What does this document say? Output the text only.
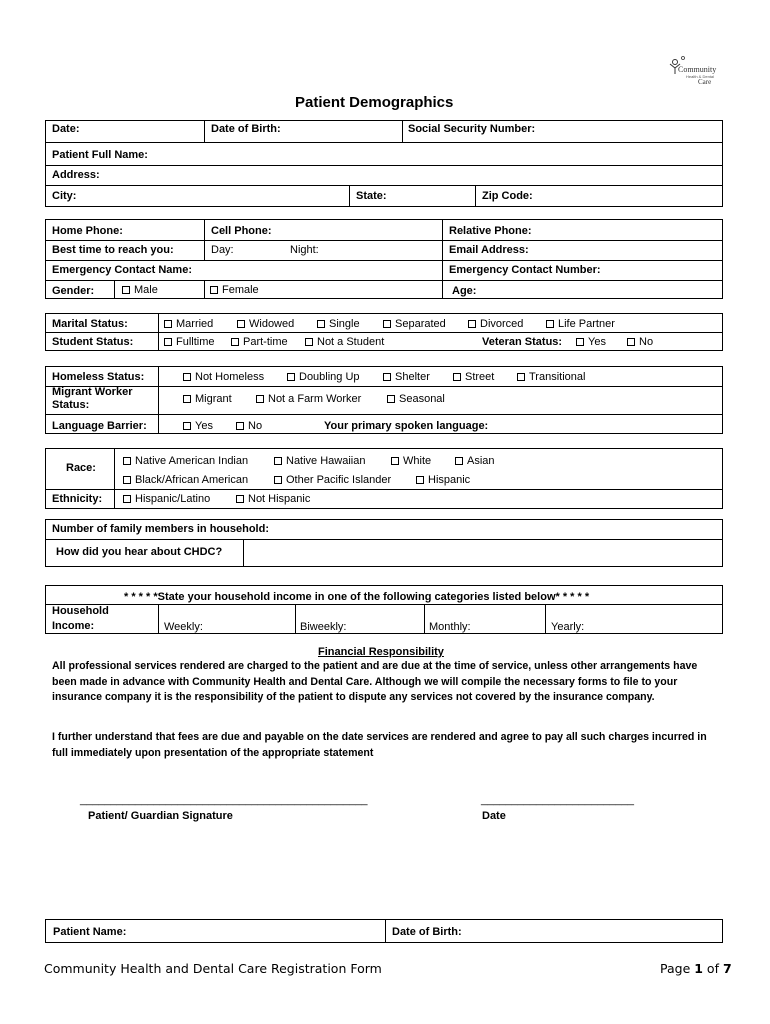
Community
Health & Dental
Care
Patient Demographics
Date:	Date of Birth:	Social Security Number:
Patient Full Name:
Address:
City:	State:	Zip Code:
Home Phone:	Cell Phone:	Relative Phone:
Best time to reach you:	Day:	Night:	Email Address:
Emergency Contact Name:	Emergency Contact Number:
Gender:	Male	Female	Age:
Marital Status:	Married	Widowed	Single	Separated	Divorced	Life Partner
Student Status:	Fulltime	Part-time	Not a Student	Veteran Status:	Yes	No
Homeless Status:	Not Homeless	Doubling Up	Shelter	Street	Transitional
Migrant Worker
Status:	Migrant	Not a Farm Worker	Seasonal
Language Barrier:	Yes	No	Your primary spoken language:
Race:
Native American Indian	Native Hawaiian	White	Asian
Black/African American	Other Pacific Islander	Hispanic
Ethnicity:	Hispanic/Latino	Not Hispanic
Number of family members in household:
How did you hear about CHDC?
* * * * *State your household income in one of the following categories listed below* * * * *
Household
Income:	Weekly:	Biweekly:	Monthly:	Yearly:
Financial Responsibility
All professional services rendered are charged to the patient and are due at the time of service, unless other arrangements have been made in advance with Community Health and Dental Care. Although we will compile the necessary forms to file to your insurance company it is the responsibility of the patient to dispute any services not covered by the insurance company.
I further understand that fees are due and payable on the date services are rendered and agree to pay all such charges incurred in full immediately upon presentation of the appropriate statement
_______________________________________________	_________________________
Patient/ Guardian Signature	Date
Patient Name:	Date of Birth:
Community Health and Dental Care Registration Form	Page 1 of 7
